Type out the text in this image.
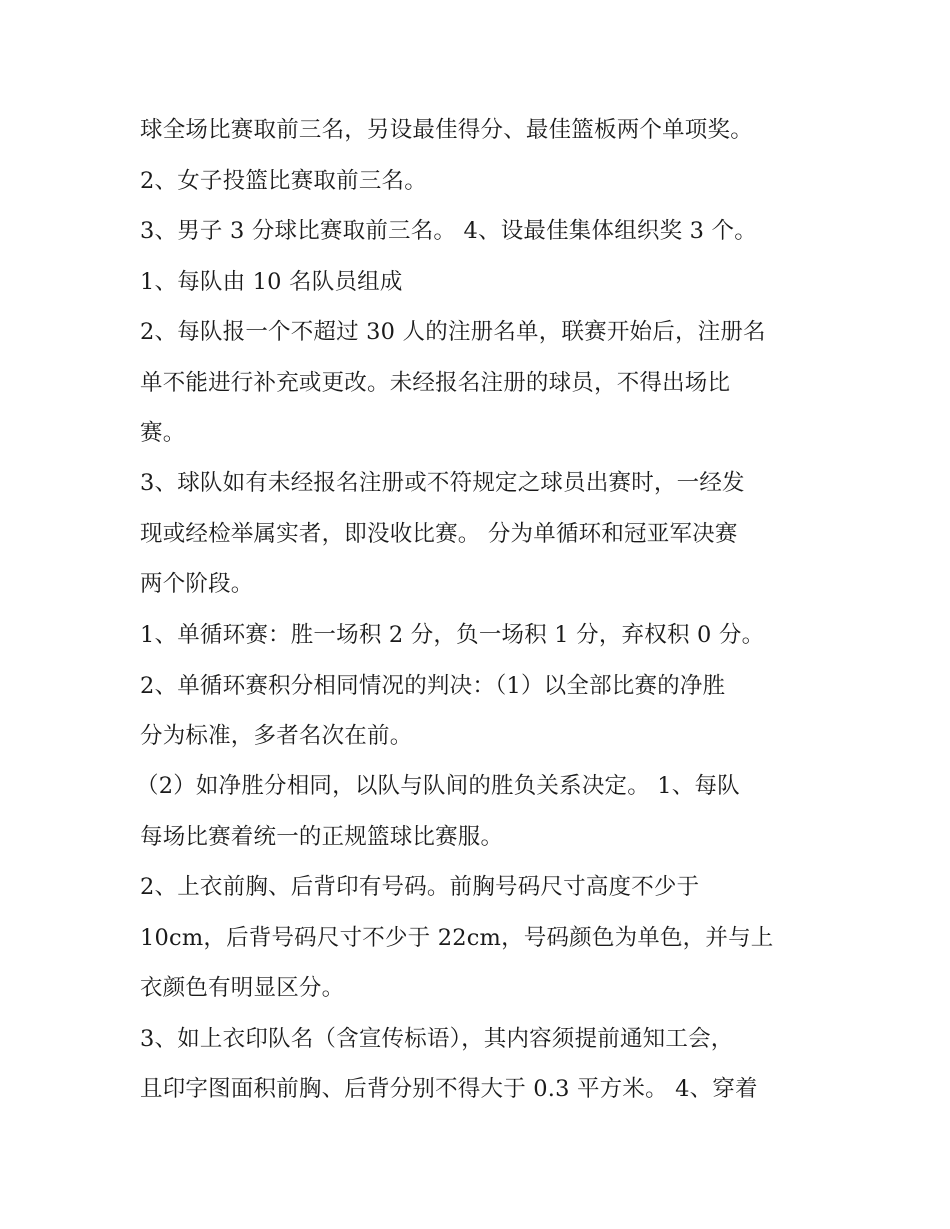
球全场比赛取前三名，另设最佳得分、最佳篮板两个单项奖。
2、女子投篮比赛取前三名。
3、男子 3 分球比赛取前三名。 4、设最佳集体组织奖 3 个。
1、每队由 10 名队员组成
2、每队报一个不超过 30 人的注册名单，联赛开始后，注册名
单不能进行补充或更改。未经报名注册的球员，不得出场比
赛。
3、球队如有未经报名注册或不符规定之球员出赛时，一经发
现或经检举属实者，即没收比赛。 分为单循环和冠亚军决赛
两个阶段。
1、单循环赛：胜一场积 2 分，负一场积 1 分，弃权积 0 分。
2、单循环赛积分相同情况的判决：（1）以全部比赛的净胜
分为标准，多者名次在前。
（2）如净胜分相同，以队与队间的胜负关系决定。 1、每队
每场比赛着统一的正规篮球比赛服。
2、上衣前胸、后背印有号码。前胸号码尺寸高度不少于
10cm，后背号码尺寸不少于 22cm，号码颜色为单色，并与上
衣颜色有明显区分。
3、如上衣印队名（含宣传标语），其内容须提前通知工会，
且印字图面积前胸、后背分别不得大于 0.3 平方米。 4、穿着
